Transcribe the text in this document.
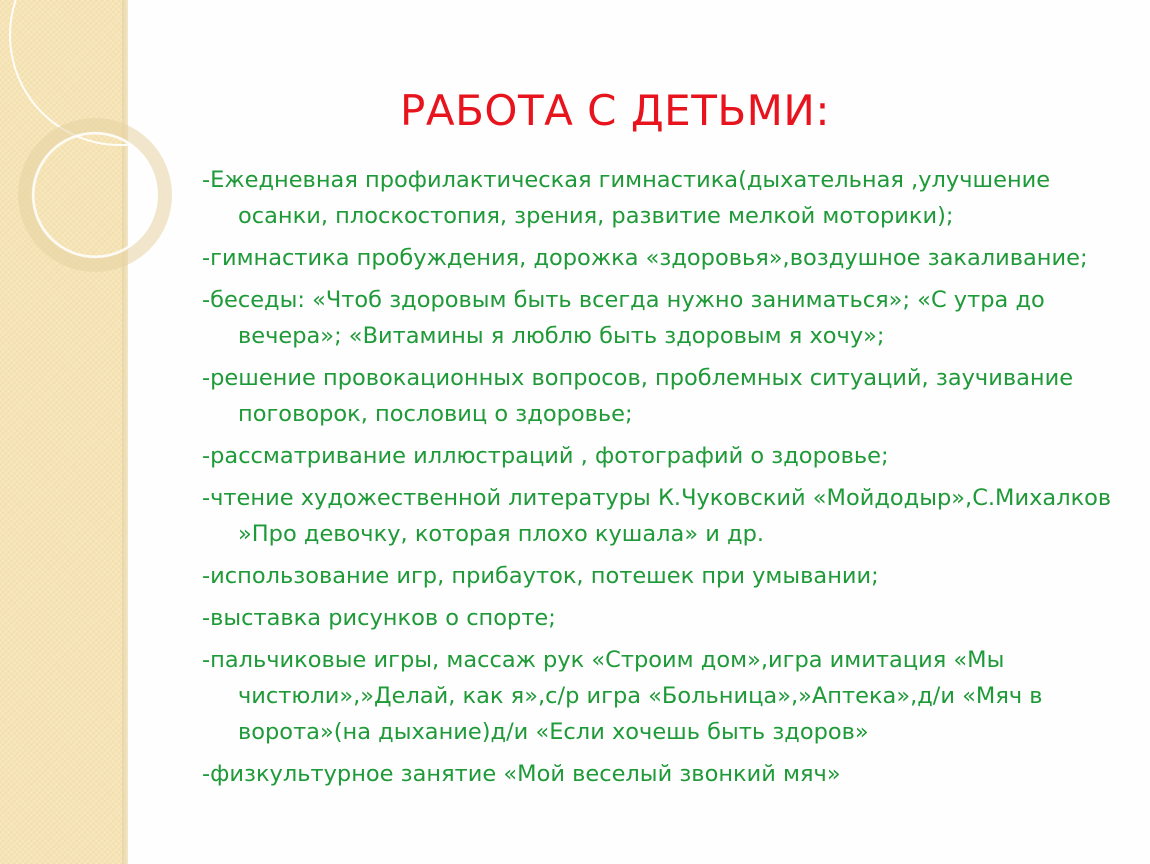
РАБОТА С ДЕТЬМИ:

-Ежедневная профилактическая гимнастика(дыхательная ,улучшение осанки, плоскостопия, зрения, развитие мелкой моторики);

-гимнастика пробуждения, дорожка «здоровья»,воздушное закаливание;

-беседы: «Чтоб здоровым быть всегда нужно заниматься»; «С утра до вечера»; «Витамины я люблю быть здоровым я хочу»;

-решение провокационных вопросов, проблемных ситуаций, заучивание поговорок, пословиц о здоровье;

-рассматривание иллюстраций , фотографий о здоровье;

-чтение художественной литературы К.Чуковский «Мойдодыр»,С.Михалков »Про девочку, которая плохо кушала» и др.

-использование игр, прибауток, потешек при умывании;

-выставка рисунков о спорте;

-пальчиковые игры, массаж рук «Строим дом»,игра имитация «Мы чистюли»,»Делай, как я»,с/р игра «Больница»,»Аптека»,д/и «Мяч в ворота»(на дыхание)д/и «Если хочешь быть здоров»

-физкультурное занятие «Мой веселый звонкий мяч»
